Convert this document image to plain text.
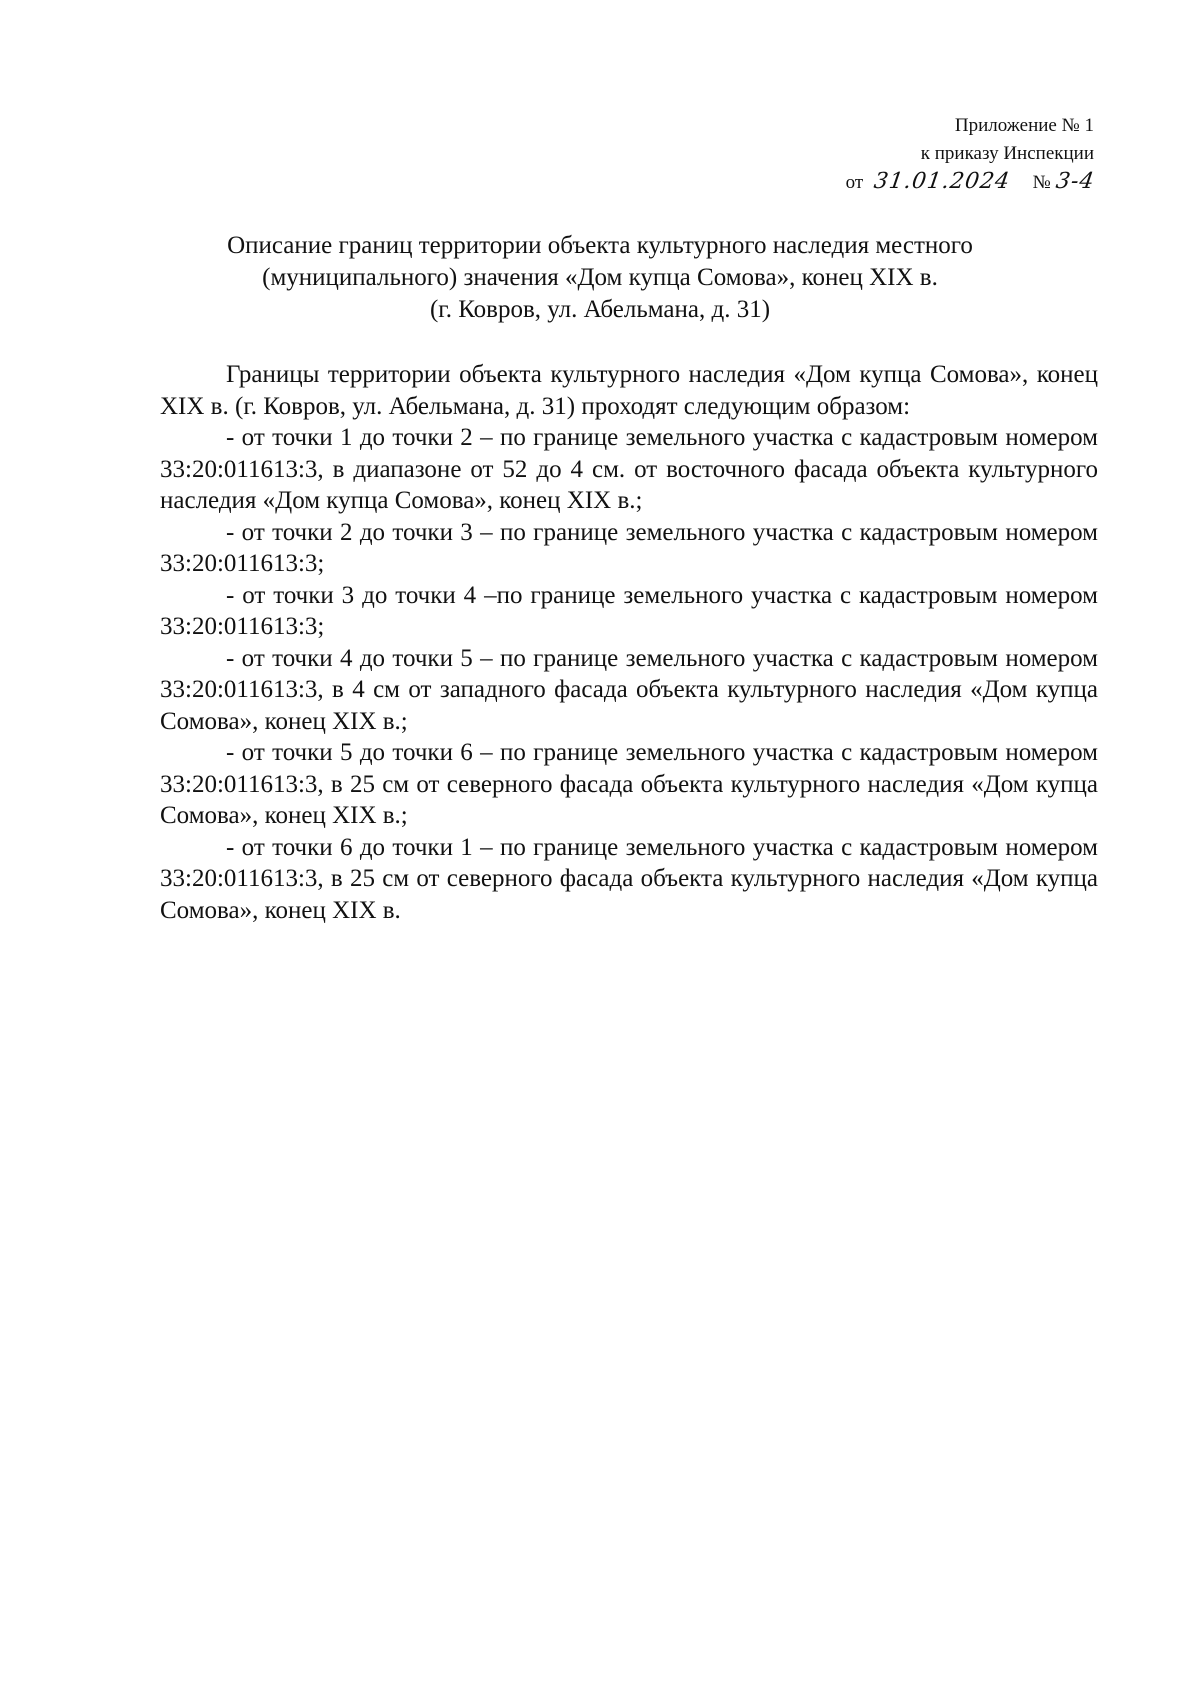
Приложение № 1
к приказу Инспекции
от 31.01.2024 № 3-4
Описание границ территории объекта культурного наследия местного
(муниципального) значения «Дом купца Сомова», конец XIX в.
(г. Ковров, ул. Абельмана, д. 31)

Границы территории объекта культурного наследия «Дом купца Сомова», конец XIX в. (г. Ковров, ул. Абельмана, д. 31) проходят следующим образом:

- от точки 1 до точки 2 – по границе земельного участка с кадастровым номером 33:20:011613:3, в диапазоне от 52 до 4 см. от восточного фасада объекта культурного наследия «Дом купца Сомова», конец XIX в.;

- от точки 2 до точки 3 – по границе земельного участка с кадастровым номером 33:20:011613:3;

- от точки 3 до точки 4 –по границе земельного участка с кадастровым номером 33:20:011613:3;

- от точки 4 до точки 5 – по границе земельного участка с кадастровым номером 33:20:011613:3, в 4 см от западного фасада объекта культурного наследия «Дом купца Сомова», конец XIX в.;

- от точки 5 до точки 6 – по границе земельного участка с кадастровым номером 33:20:011613:3, в 25 см от северного фасада объекта культурного наследия «Дом купца Сомова», конец XIX в.;

- от точки 6 до точки 1 – по границе земельного участка с кадастровым номером 33:20:011613:3, в 25 см от северного фасада объекта культурного наследия «Дом купца Сомова», конец XIX в.
